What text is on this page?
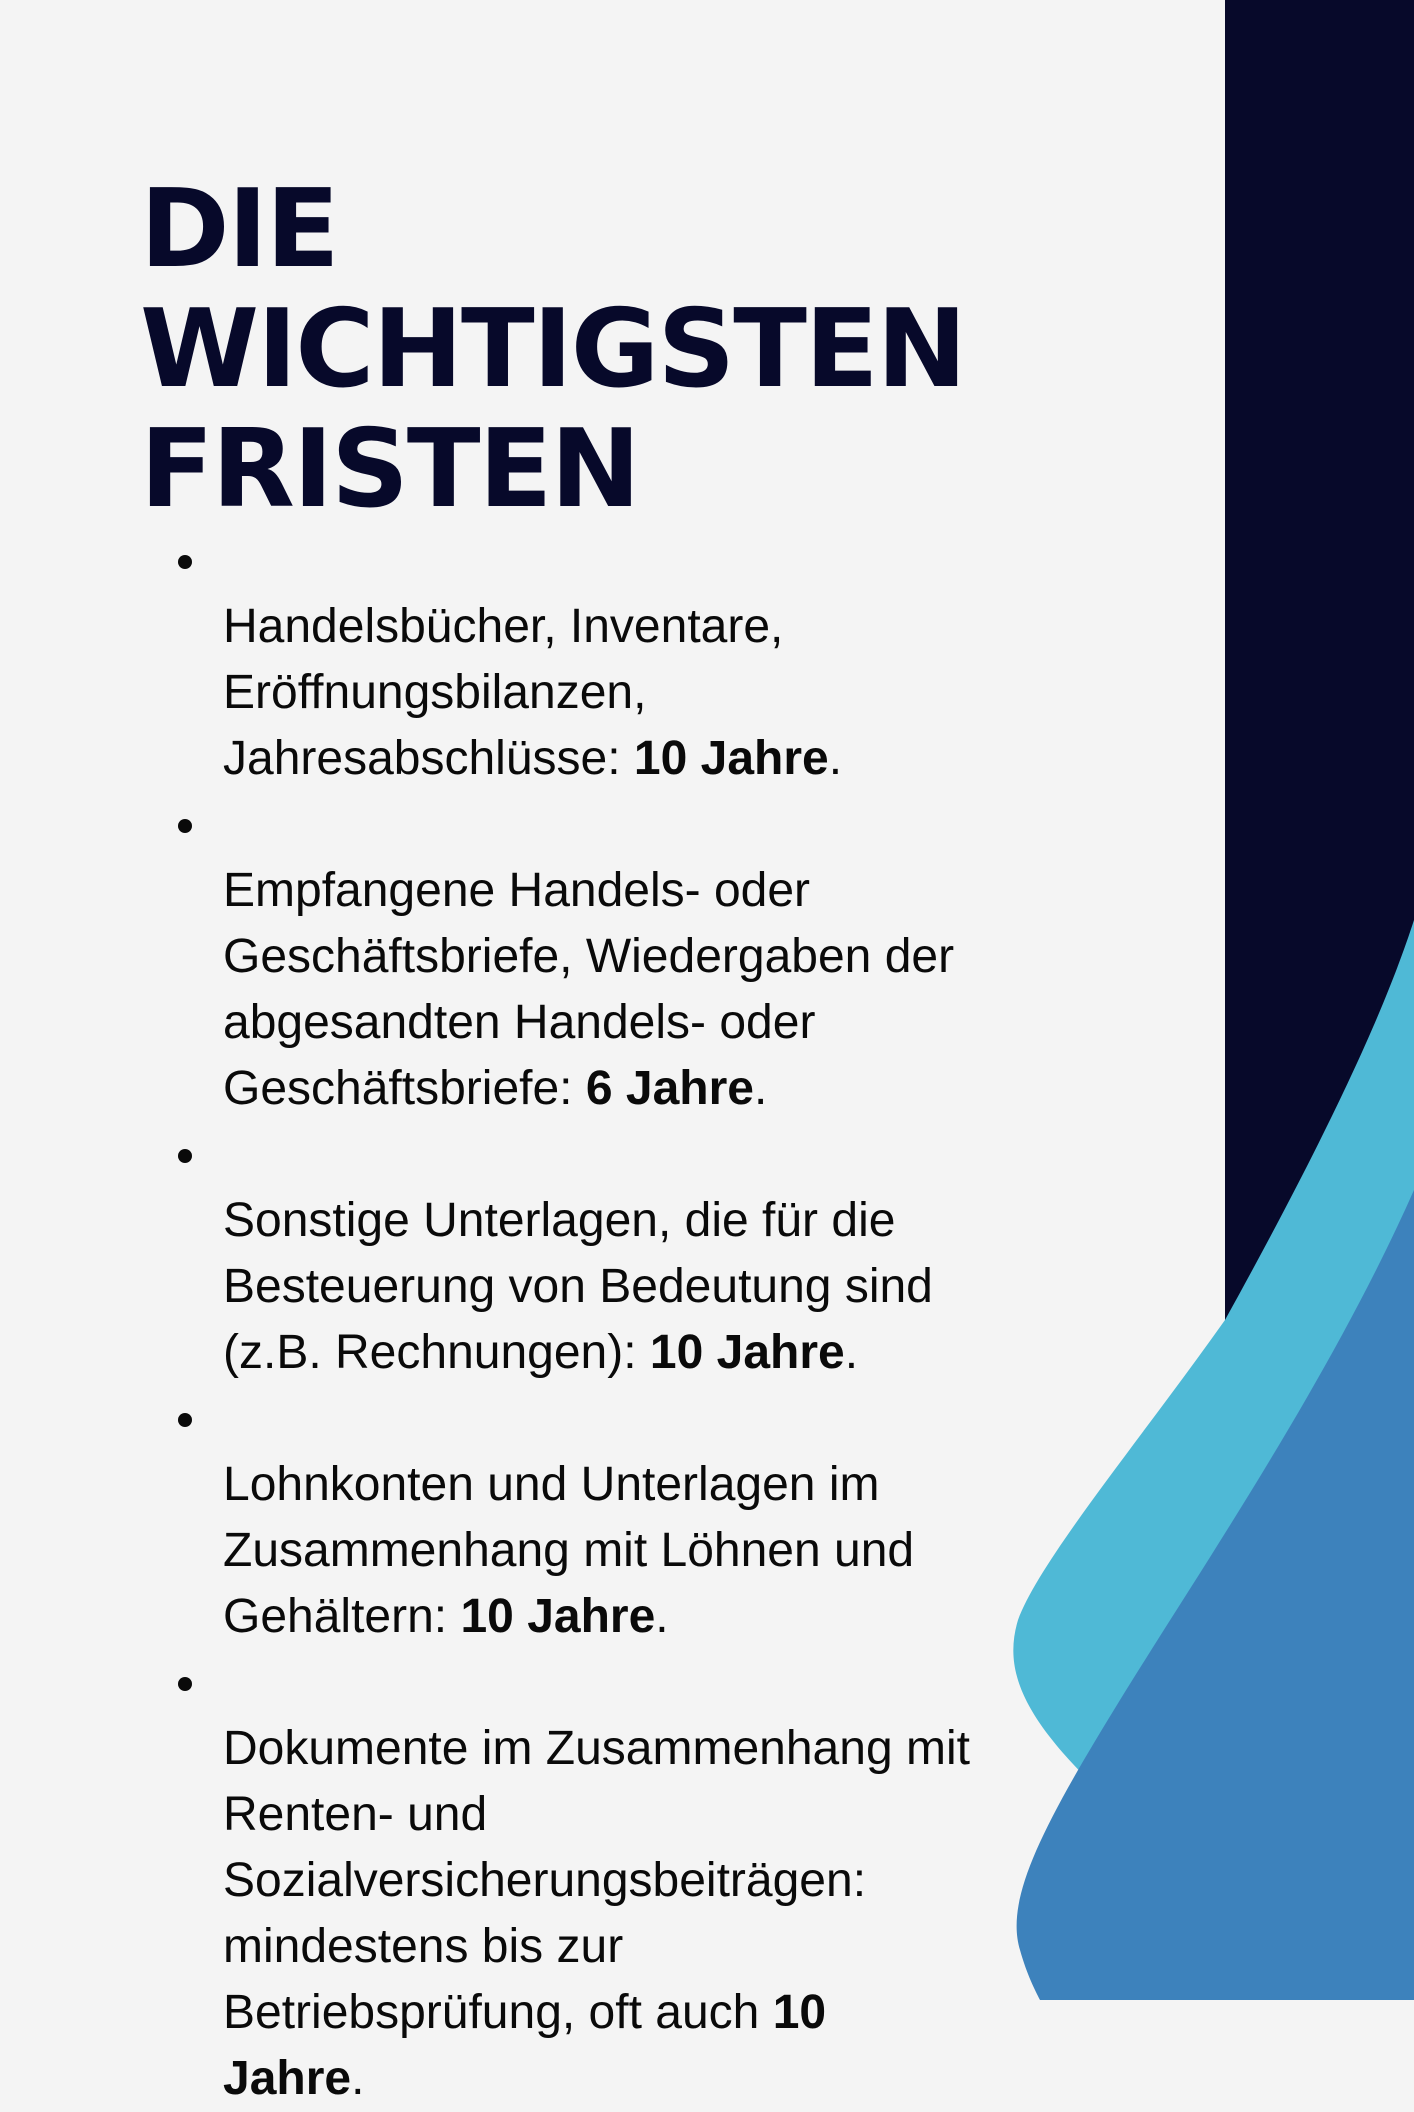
DIE WICHTIGSTEN
FRISTEN

Handelsbücher, Inventare,
Eröffnungsbilanzen,
Jahresabschlüsse: 10 Jahre.

Empfangene Handels- oder
Geschäftsbriefe, Wiedergaben der
abgesandten Handels- oder
Geschäftsbriefe: 6 Jahre.

Sonstige Unterlagen, die für die
Besteuerung von Bedeutung sind
(z.B. Rechnungen): 10 Jahre.

Lohnkonten und Unterlagen im
Zusammenhang mit Löhnen und
Gehältern: 10 Jahre.

Dokumente im Zusammenhang mit
Renten- und
Sozialversicherungsbeiträgen:
mindestens bis zur
Betriebsprüfung, oft auch 10
Jahre.
